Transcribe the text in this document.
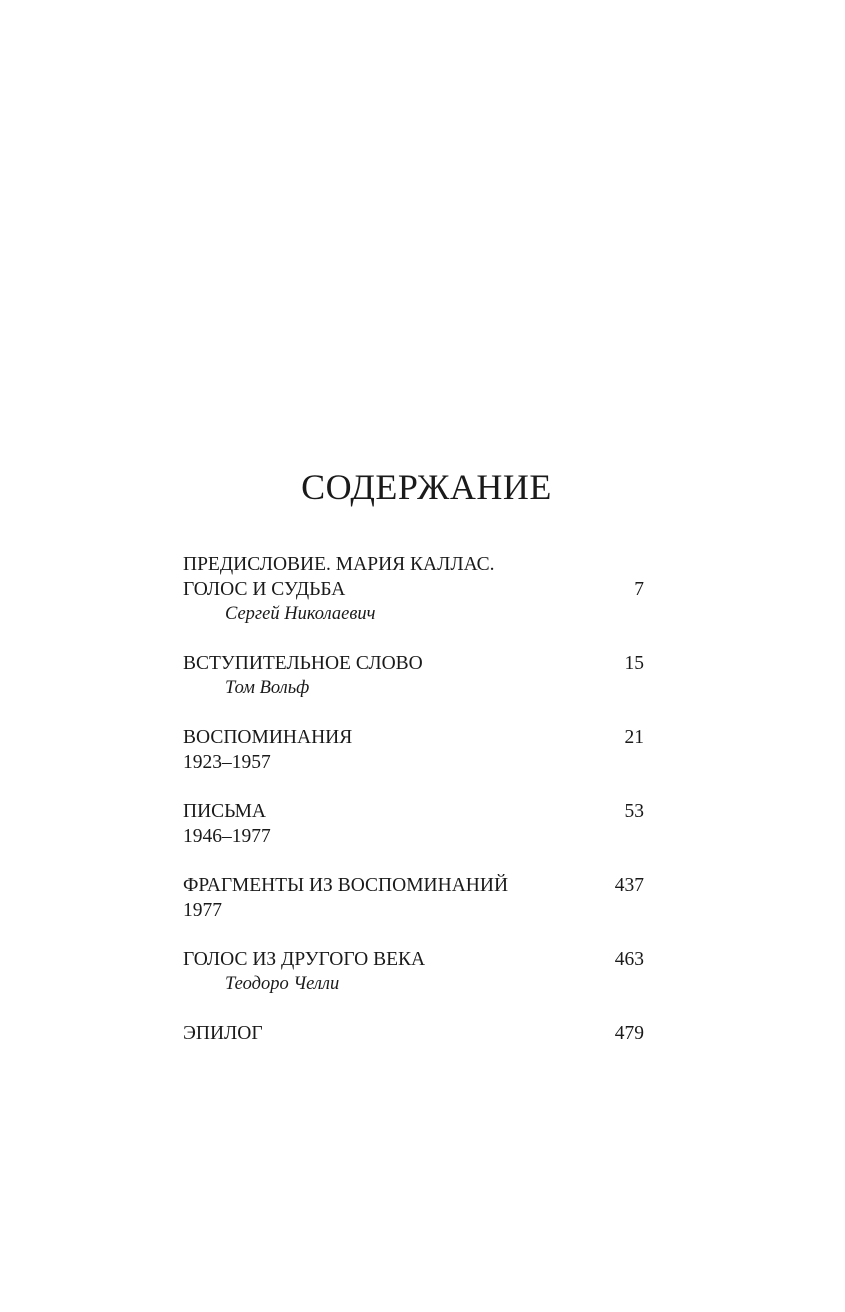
СОДЕРЖАНИЕ
ПРЕДИСЛОВИЕ. МАРИЯ КАЛЛАС.
ГОЛОС И СУДЬБА	7
Сергей Николаевич
ВСТУПИТЕЛЬНОЕ СЛОВО	15
Том Вольф
ВОСПОМИНАНИЯ	21
1923–1957
ПИСЬМА	53
1946–1977
ФРАГМЕНТЫ ИЗ ВОСПОМИНАНИЙ	437
1977
ГОЛОС ИЗ ДРУГОГО ВЕКА	463
Теодоро Челли
ЭПИЛОГ	479
